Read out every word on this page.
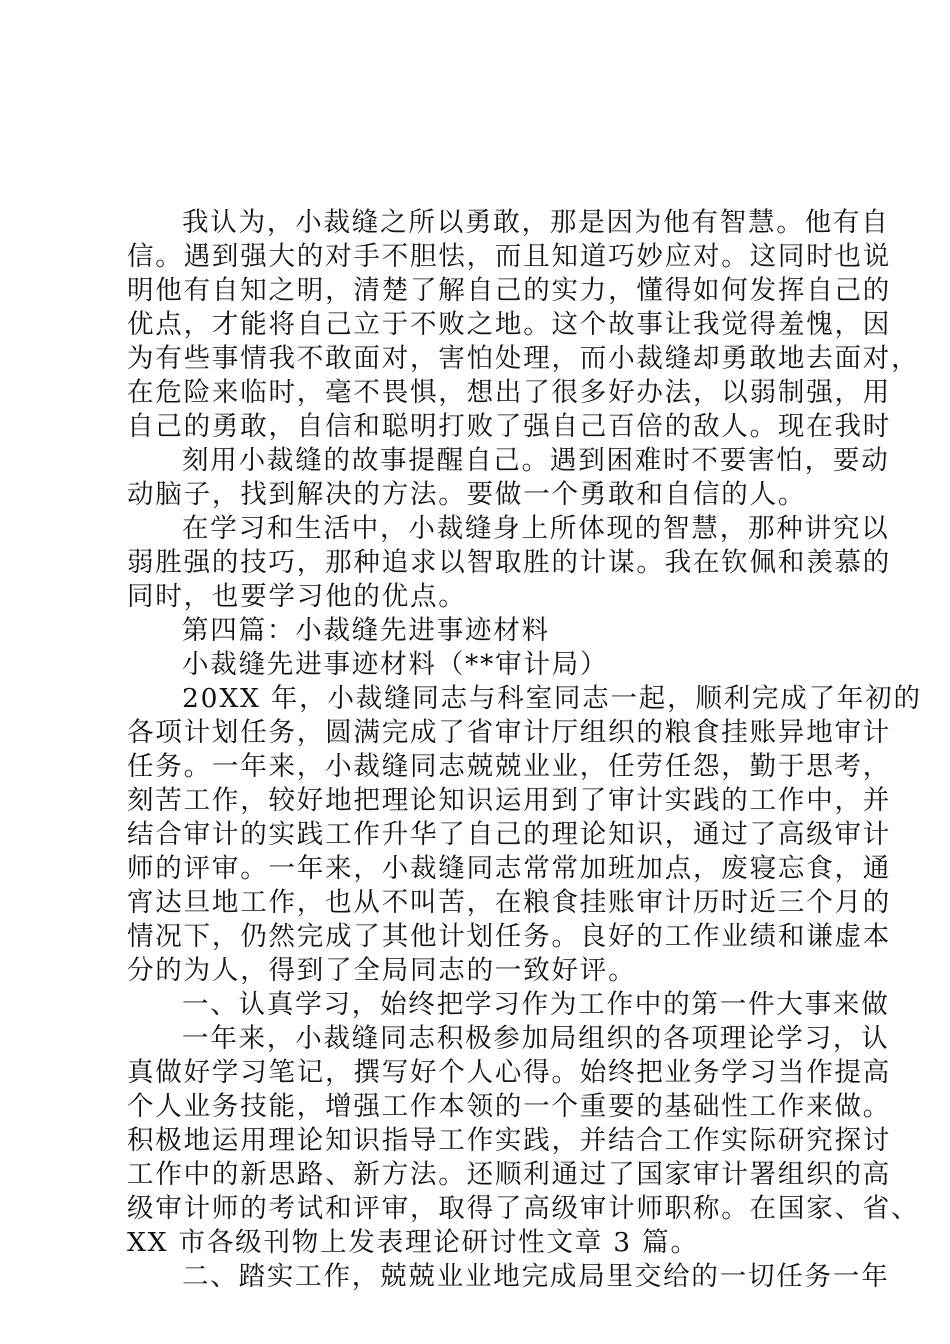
我认为，小裁缝之所以勇敢，那是因为他有智慧。他有自
信。遇到强大的对手不胆怯，而且知道巧妙应对。这同时也说
明他有自知之明，清楚了解自己的实力，懂得如何发挥自己的
优点，才能将自己立于不败之地。这个故事让我觉得羞愧，因
为有些事情我不敢面对，害怕处理，而小裁缝却勇敢地去面对，
在危险来临时，毫不畏惧，想出了很多好办法，以弱制强，用
自己的勇敢，自信和聪明打败了强自己百倍的敌人。现在我时
刻用小裁缝的故事提醒自己。遇到困难时不要害怕，要动
动脑子，找到解决的方法。要做一个勇敢和自信的人。
在学习和生活中，小裁缝身上所体现的智慧，那种讲究以
弱胜强的技巧，那种追求以智取胜的计谋。我在钦佩和羡慕的
同时，也要学习他的优点。
第四篇：小裁缝先进事迹材料
小裁缝先进事迹材料（**审计局）
20XX 年，小裁缝同志与科室同志一起，顺利完成了年初的
各项计划任务，圆满完成了省审计厅组织的粮食挂账异地审计
任务。一年来，小裁缝同志兢兢业业，任劳任怨，勤于思考，
刻苦工作，较好地把理论知识运用到了审计实践的工作中，并
结合审计的实践工作升华了自己的理论知识，通过了高级审计
师的评审。一年来，小裁缝同志常常加班加点，废寝忘食，通
宵达旦地工作，也从不叫苦，在粮食挂账审计历时近三个月的
情况下，仍然完成了其他计划任务。良好的工作业绩和谦虚本
分的为人，得到了全局同志的一致好评。
一、认真学习，始终把学习作为工作中的第一件大事来做
一年来，小裁缝同志积极参加局组织的各项理论学习，认
真做好学习笔记，撰写好个人心得。始终把业务学习当作提高
个人业务技能，增强工作本领的一个重要的基础性工作来做。
积极地运用理论知识指导工作实践，并结合工作实际研究探讨
工作中的新思路、新方法。还顺利通过了国家审计署组织的高
级审计师的考试和评审，取得了高级审计师职称。在国家、省、
XX 市各级刊物上发表理论研讨性文章 3 篇。
二、踏实工作，兢兢业业地完成局里交给的一切任务一年
